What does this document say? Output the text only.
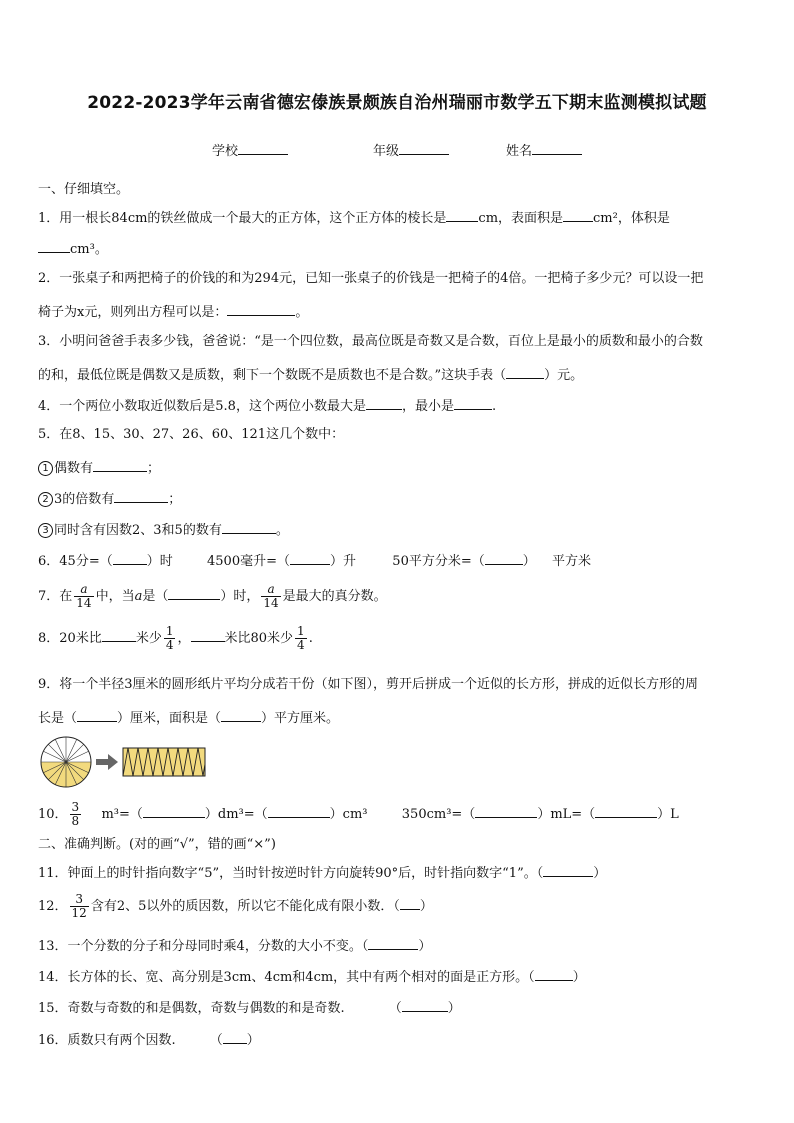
2022-2023学年云南省德宏傣族景颇族自治州瑞丽市数学五下期末监测模拟试题
学校	年级	姓名
一、仔细填空。
1．用一根长84cm的铁丝做成一个最大的正方体，这个正方体的棱长是 cm，表面积是 cm²，体积是
cm³。
2．一张桌子和两把椅子的价钱的和为294元，已知一张桌子的价钱是一把椅子的4倍。一把椅子多少元？可以设一把
椅子为x元，则列出方程可以是：	。
3．小明问爸爸手表多少钱，爸爸说：“是一个四位数，最高位既是奇数又是合数，百位上是最小的质数和最小的合数
的和，最低位既是偶数又是质数，剩下一个数既不是质数也不是合数。”这块手表（	）元。
4．一个两位小数取近似数后是5.8，这个两位小数最大是	，最小是	.
5．在8、15、30、27、26、60、121这几个数中：
1 偶数有	；
2 3的倍数有	；
3 同时含有因数2、3和5的数有	。
6．45分=（	）时	4500毫升=（	）升	50平方分米=（	） 平方米
7．在 $\frac{a}{14}$ 中，当a是（	）时， $\frac{a}{14}$ 是最大的真分数。
8．20米比	米少 $\frac{1}{4}$ ，	米比80米少 $\frac{1}{4}$ .
9．将一个半径3厘米的圆形纸片平均分成若干份（如下图），剪开后拼成一个近似的长方形，拼成的近似长方形的周
长是（	）厘米，面积是（	）平方厘米。
10． $\frac{3}{8} m^3=$（	）dm³=（	）cm³	350cm³=（	）mL=（	）L
二、准确判断。(对的画“√”，错的画“×”)
11．钟面上的时针指向数字“5”，当时针按逆时针方向旋转90°后，时针指向数字“1”。（	）
12． $\frac{3}{12}$ 含有2、5以外的质因数，所以它不能化成有限小数．（ ）
13．一个分数的分子和分母同时乘4，分数的大小不变。（	）
14．长方体的长、宽、高分别是3cm、4cm和4cm，其中有两个相对的面是正方形。（	）
15．奇数与奇数的和是偶数，奇数与偶数的和是奇数.	（	）
16．质数只有两个因数.	（ ）
